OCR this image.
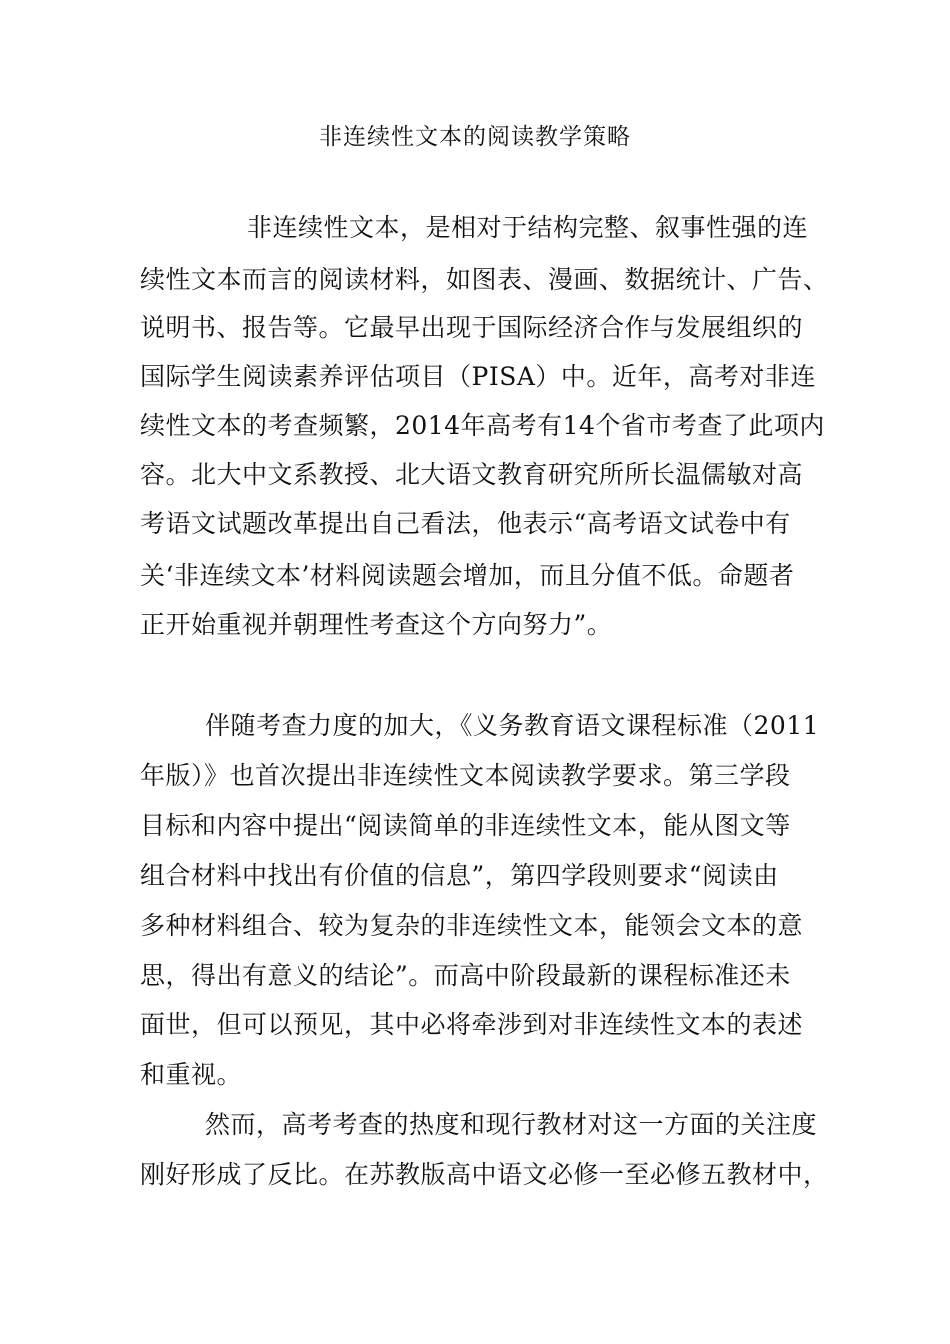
非连续性文本的阅读教学策略
非连续性文本，是相对于结构完整、叙事性强的连
续性文本而言的阅读材料，如图表、漫画、数据统计、广告、
说明书、报告等。它最早出现于国际经济合作与发展组织的
国际学生阅读素养评估项目（PISA）中。近年，高考对非连
续性文本的考查频繁，2014年高考有14个省市考查了此项内
容。北大中文系教授、北大语文教育研究所所长温儒敏对高
考语文试题改革提出自己看法，他表示“高考语文试卷中有
关‘非连续文本’材料阅读题会增加，而且分值不低。命题者
正开始重视并朝理性考查这个方向努力”。
伴随考查力度的加大，《义务教育语文课程标准（2011
年版）》也首次提出非连续性文本阅读教学要求。第三学段
目标和内容中提出“阅读简单的非连续性文本，能从图文等
组合材料中找出有价值的信息”，第四学段则要求“阅读由
多种材料组合、较为复杂的非连续性文本，能领会文本的意
思，得出有意义的结论”。而高中阶段最新的课程标准还未
面世，但可以预见，其中必将牵涉到对非连续性文本的表述
和重视。
然而，高考考查的热度和现行教材对这一方面的关注度
刚好形成了反比。在苏教版高中语文必修一至必修五教材中，
